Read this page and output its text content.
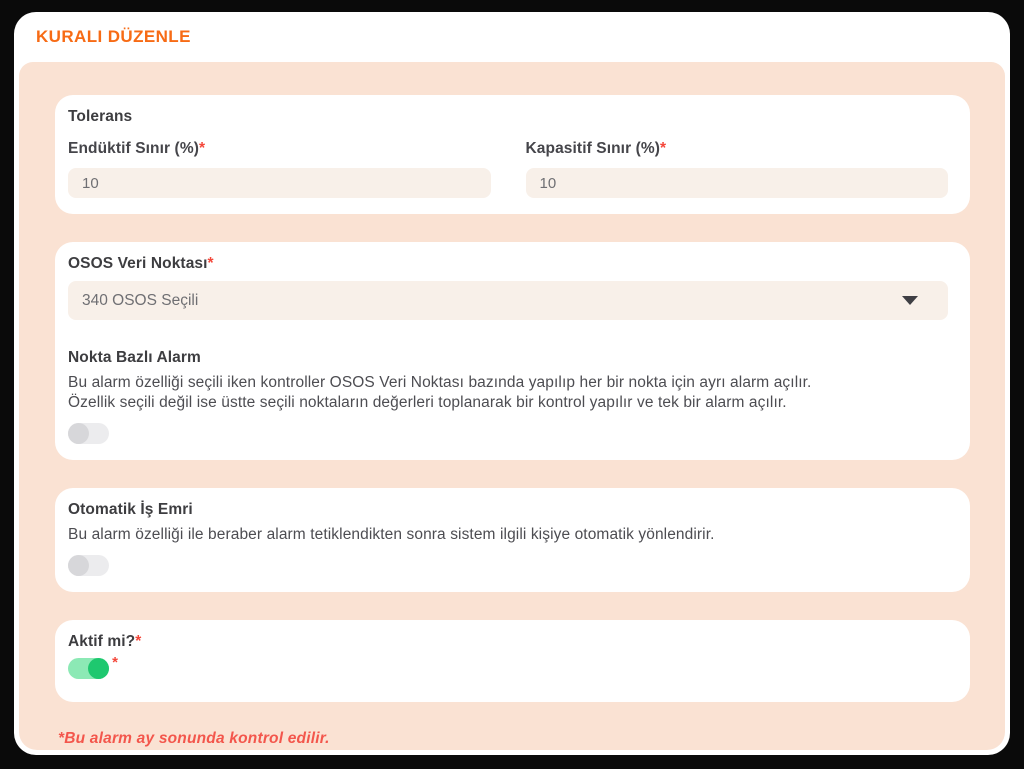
KURALI DÜZENLE
Tolerans
Endüktif Sınır (%)*
10	Kapasitif Sınır (%)*
10
OSOS Veri Noktası*
340 OSOS Seçili
Nokta Bazlı Alarm
Bu alarm özelliği seçili iken kontroller OSOS Veri Noktası bazında yapılıp her bir nokta için ayrı alarm açılır.
Özellik seçili değil ise üstte seçili noktaların değerleri toplanarak bir kontrol yapılır ve tek bir alarm açılır.
Otomatik İş Emri
Bu alarm özelliği ile beraber alarm tetiklendikten sonra sistem ilgili kişiye otomatik yönlendirir.
Aktif mi?*
*
*Bu alarm ay sonunda kontrol edilir.
